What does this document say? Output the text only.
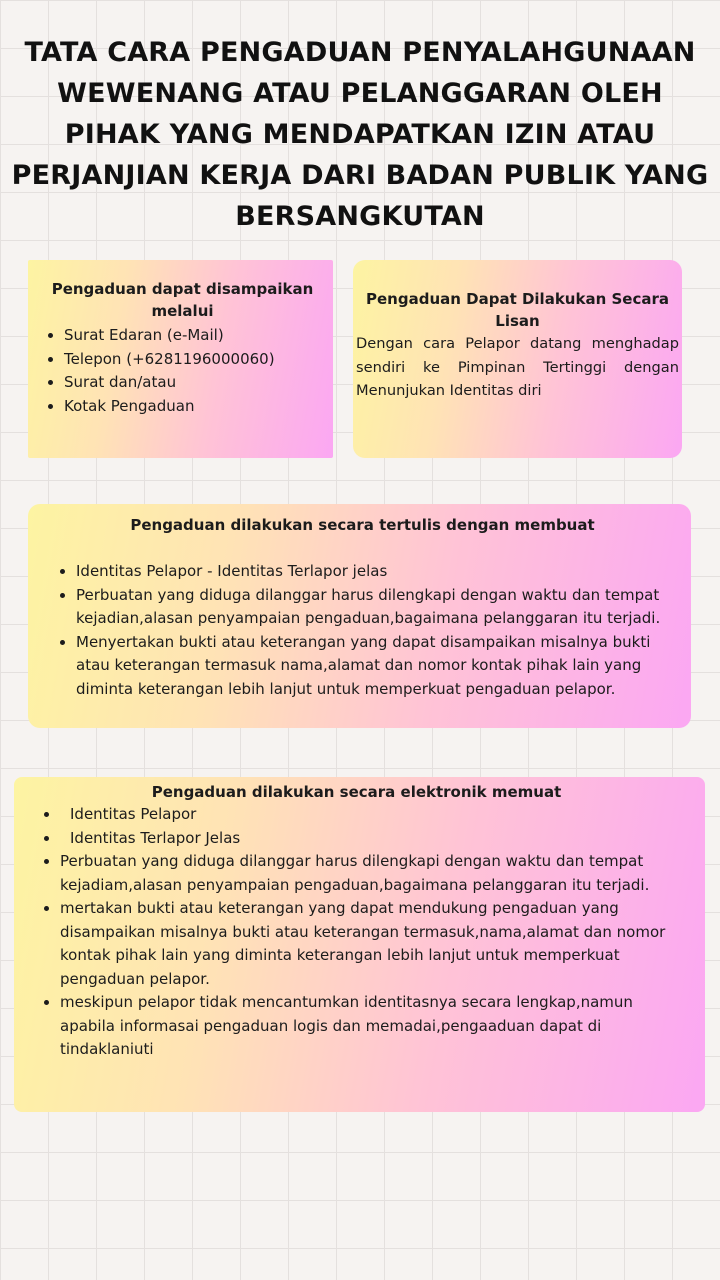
TATA CARA PENGADUAN PENYALAHGUNAAN WEWENANG ATAU PELANGGARAN OLEH PIHAK YANG MENDAPATKAN IZIN ATAU PERJANJIAN KERJA DARI BADAN PUBLIK YANG BERSANGKUTAN
Pengaduan dapat disampaikan melalui
• Surat Edaran (e-Mail)
• Telepon (+6281196000060)
• Surat dan/atau
• Kotak Pengaduan
Pengaduan Dapat Dilakukan Secara Lisan

Dengan cara Pelapor datang menghadap sendiri ke Pimpinan Tertinggi dengan Menunjukan Identitas diri

Pengaduan dilakukan secara tertulis dengan membuat
• Identitas Pelapor - Identitas Terlapor jelas
• Perbuatan yang diduga dilanggar harus dilengkapi dengan waktu dan tempat kejadian,alasan penyampaian pengaduan,bagaimana pelanggaran itu terjadi.
• Menyertakan bukti atau keterangan yang dapat disampaikan misalnya bukti atau keterangan termasuk nama,alamat dan nomor kontak pihak lain yang diminta keterangan lebih lanjut untuk memperkuat pengaduan pelapor.
Pengaduan dilakukan secara elektronik memuat
• Identitas Pelapor
• Identitas Terlapor Jelas
• Perbuatan yang diduga dilanggar harus dilengkapi dengan waktu dan tempat kejadiam,alasan penyampaian pengaduan,bagaimana pelanggaran itu terjadi.
• mertakan bukti atau keterangan yang dapat mendukung pengaduan yang disampaikan misalnya bukti atau keterangan termasuk,nama,alamat dan nomor kontak pihak lain yang diminta keterangan lebih lanjut untuk memperkuat pengaduan pelapor.
• meskipun pelapor tidak mencantumkan identitasnya secara lengkap,namun apabila informasai pengaduan logis dan memadai,pengaaduan dapat di tindaklaniuti
